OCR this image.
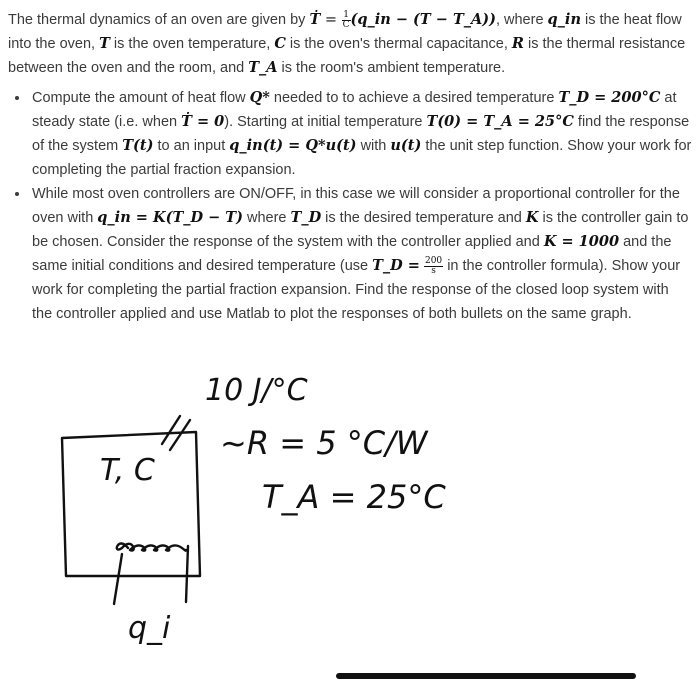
The thermal dynamics of an oven are given by Ṫ = $\frac{1}{C}$ (q_in − (T − T_A)), where q_in is the heat flow into the oven, T is the oven temperature, C is the oven's thermal capacitance, R is the thermal resistance between the oven and the room, and T_A is the room's ambient temperature.

• Compute the amount of heat flow Q* needed to to achieve a desired temperature T_D = 200°C at steady state (i.e. when Ṫ = 0). Starting at initial temperature T(0) = T_A = 25°C find the response of the system T(t) to an input q_in(t) = Q*u(t) with u(t) the unit step function. Show your work for completing the partial fraction expansion.
• While most oven controllers are ON/OFF, in this case we will consider a proportional controller for the oven with q_in = K(T_D − T) where T_D is the desired temperature and K is the controller gain to be chosen. Consider the response of the system with the controller applied and K = 1000 and the same initial conditions and desired temperature (use T_D = $\frac{200}{s}$ in the controller formula). Show your work for completing the partial fraction expansion. Find the response of the closed loop system with the controller applied and use Matlab to plot the responses of both bullets on the same graph.
10 J/°C
~R = 5 °C/W
T_A = 25°C
T, C
q_i
